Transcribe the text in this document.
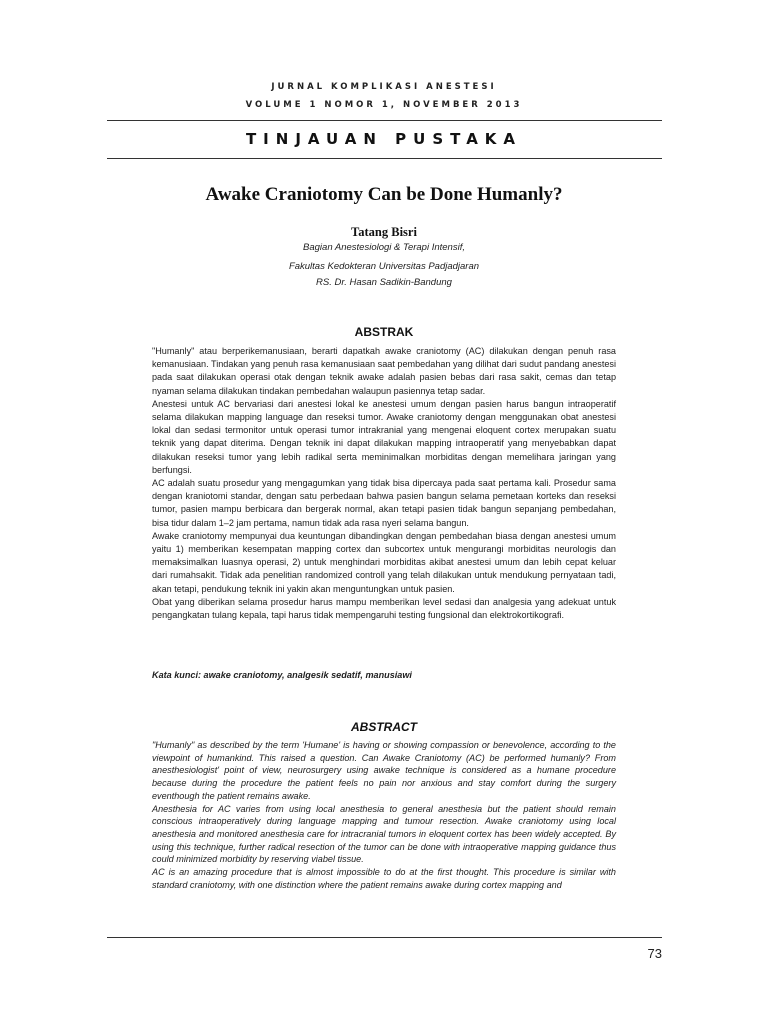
JURNAL KOMPLIKASI ANESTESI
VOLUME 1 NOMOR 1, NOVEMBER 2013
TINJAUAN PUSTAKA
Awake Craniotomy Can be Done Humanly?
Tatang Bisri
Bagian Anestesiologi & Terapi Intensif,
Fakultas Kedokteran Universitas Padjadjaran
RS. Dr. Hasan Sadikin-Bandung
ABSTRAK

"Humanly" atau berperikemanusiaan, berarti dapatkah awake craniotomy (AC) dilakukan dengan penuh rasa kemanusiaan. Tindakan yang penuh rasa kemanusiaan saat pembedahan yang dilihat dari sudut pandang anestesi pada saat dilakukan operasi otak dengan teknik awake adalah pasien bebas dari rasa sakit, cemas dan tetap nyaman selama dilakukan tindakan pembedahan walaupun pasiennya tetap sadar.

Anestesi untuk AC bervariasi dari anestesi lokal ke anestesi umum dengan pasien harus bangun intraoperatif selama dilakukan mapping language dan reseksi tumor. Awake craniotomy dengan menggunakan obat anestesi lokal dan sedasi termonitor untuk operasi tumor intrakranial yang mengenai eloquent cortex merupakan suatu teknik yang dapat diterima. Dengan teknik ini dapat dilakukan mapping intraoperatif yang menyebabkan dapat dilakukan reseksi tumor yang lebih radikal serta meminimalkan morbiditas dengan memelihara jaringan yang berfungsi.

AC adalah suatu prosedur yang mengagumkan yang tidak bisa dipercaya pada saat pertama kali. Prosedur sama dengan kraniotomi standar, dengan satu perbedaan bahwa pasien bangun selama pemetaan korteks dan reseksi tumor, pasien mampu berbicara dan bergerak normal, akan tetapi pasien tidak bangun sepanjang pembedahan, bisa tidur dalam 1–2 jam pertama, namun tidak ada rasa nyeri selama bangun.

Awake craniotomy mempunyai dua keuntungan dibandingkan dengan pembedahan biasa dengan anestesi umum yaitu 1) memberikan kesempatan mapping cortex dan subcortex untuk mengurangi morbiditas neurologis dan memaksimalkan luasnya operasi, 2) untuk menghindari morbiditas akibat anestesi umum dan lebih cepat keluar dari rumahsakit. Tidak ada penelitian randomized controll yang telah dilakukan untuk mendukung pernyataan tadi, akan tetapi, pendukung teknik ini yakin akan menguntungkan untuk pasien.

Obat yang diberikan selama prosedur harus mampu memberikan level sedasi dan analgesia yang adekuat untuk pengangkatan tulang kepala, tapi harus tidak mempengaruhi testing fungsional dan elektrokortikografi.

Kata kunci: awake craniotomy, analgesik sedatif, manusiawi
ABSTRACT

"Humanly" as described by the term 'Humane' is having or showing compassion or benevolence, according to the viewpoint of humankind. This raised a question. Can Awake Craniotomy (AC) be performed humanly? From anesthesiologist' point of view, neurosurgery using awake technique is considered as a humane procedure because during the procedure the patient feels no pain nor anxious and stay comfort during the surgery eventhough the patient remains awake.

Anesthesia for AC varies from using local anesthesia to general anesthesia but the patient should remain conscious intraoperatively during language mapping and tumour resection. Awake craniotomy using local anesthesia and monitored anesthesia care for intracranial tumors in eloquent cortex has been widely accepted. By using this technique, further radical resection of the tumor can be done with intraoperative mapping guidance thus could minimized morbidity by reserving viabel tissue.

AC is an amazing procedure that is almost impossible to do at the first thought. This procedure is similar with standard craniotomy, with one distinction where the patient remains awake during cortex mapping and

73
